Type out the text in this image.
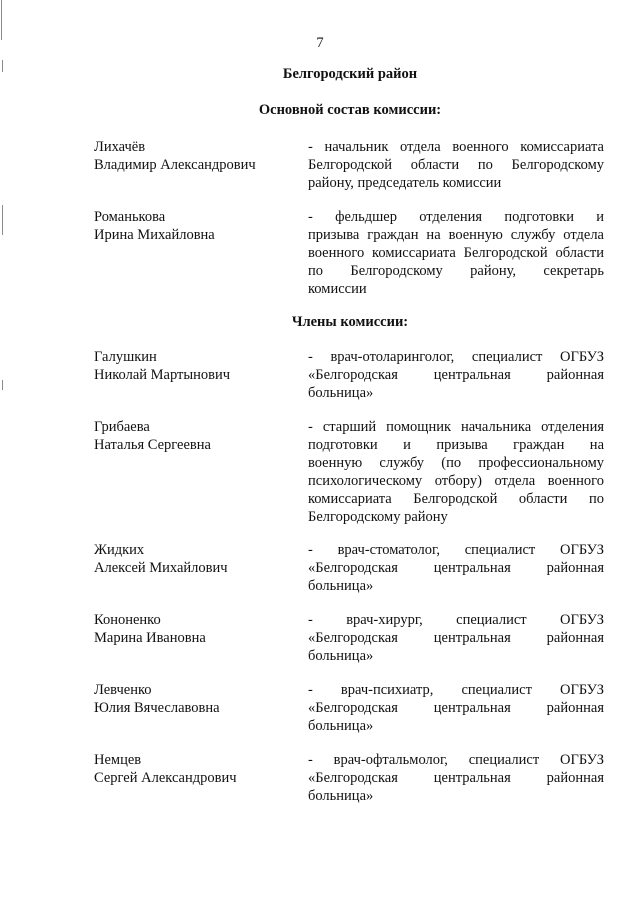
7
Белгородский район
Основной состав комиссии:
Члены комиссии:
Лихачёв
Владимир Александрович
- начальник отдела военного комиссариата
Белгородской области по Белгородскому
району, председатель комиссии
Романькова
Ирина Михайловна
- фельдшер отделения подготовки и
призыва граждан на военную службу отдела
военного комиссариата Белгородской области
по Белгородскому району, секретарь
комиссии
Галушкин
Николай Мартынович
- врач-отоларинголог, специалист ОГБУЗ
«Белгородская центральная районная
больница»
Грибаева
Наталья Сергеевна
- старший помощник начальника отделения
подготовки и призыва граждан на
военную службу (по профессиональному
психологическому отбору) отдела военного
комиссариата Белгородской области по
Белгородскому району
Жидких
Алексей Михайлович
- врач-стоматолог, специалист ОГБУЗ
«Белгородская центральная районная
больница»
Кононенко
Марина Ивановна
- врач-хирург, специалист ОГБУЗ
«Белгородская центральная районная
больница»
Левченко
Юлия Вячеславовна
- врач-психиатр, специалист ОГБУЗ
«Белгородская центральная районная
больница»
Немцев
Сергей Александрович
- врач-офтальмолог, специалист ОГБУЗ
«Белгородская центральная районная
больница»
